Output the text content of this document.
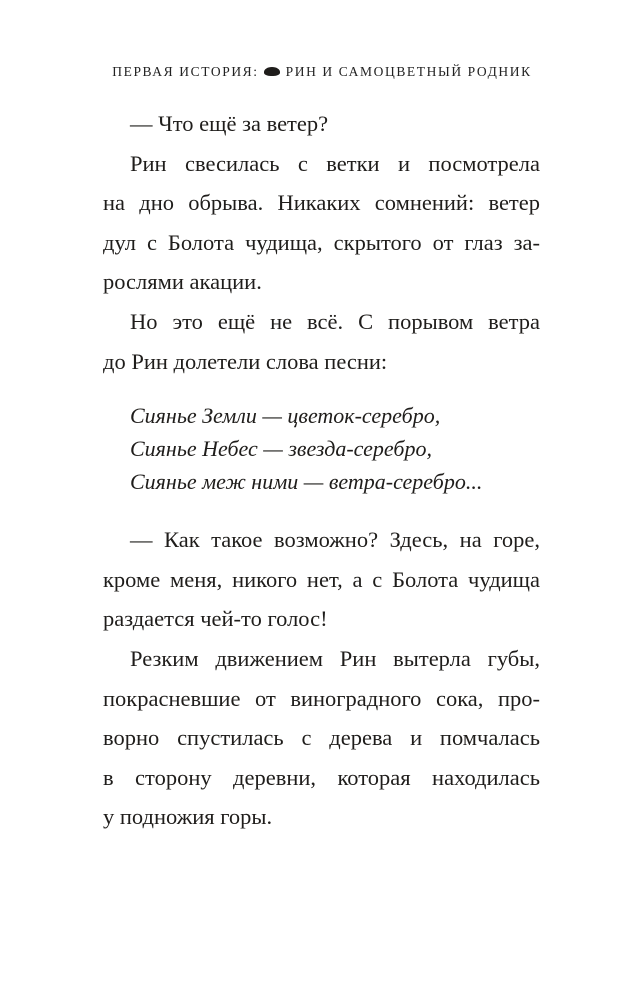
ПЕРВАЯ ИСТОРИЯ: РИН И САМОЦВЕТНЫЙ РОДНИК

— Что ещё за ветер?

Рин свесилась с ветки и посмотрела
на дно обрыва. Никаких сомнений: ветер
дул с Болота чудища, скрытого от глаз за-
рослями акации.

Но это ещё не всё. С порывом ветра
до Рин долетели слова песни:

Сиянье Земли — цветок-серебро,
Сиянье Небес — звезда-серебро,
Сиянье меж ними — ветра-серебро...

— Как такое возможно? Здесь, на горе,
кроме меня, никого нет, а с Болота чудища
раздается чей-то голос!

Резким движением Рин вытерла губы,
покрасневшие от виноградного сока, про-
ворно спустилась с дерева и помчалась
в сторону деревни, которая находилась
у подножия горы.
